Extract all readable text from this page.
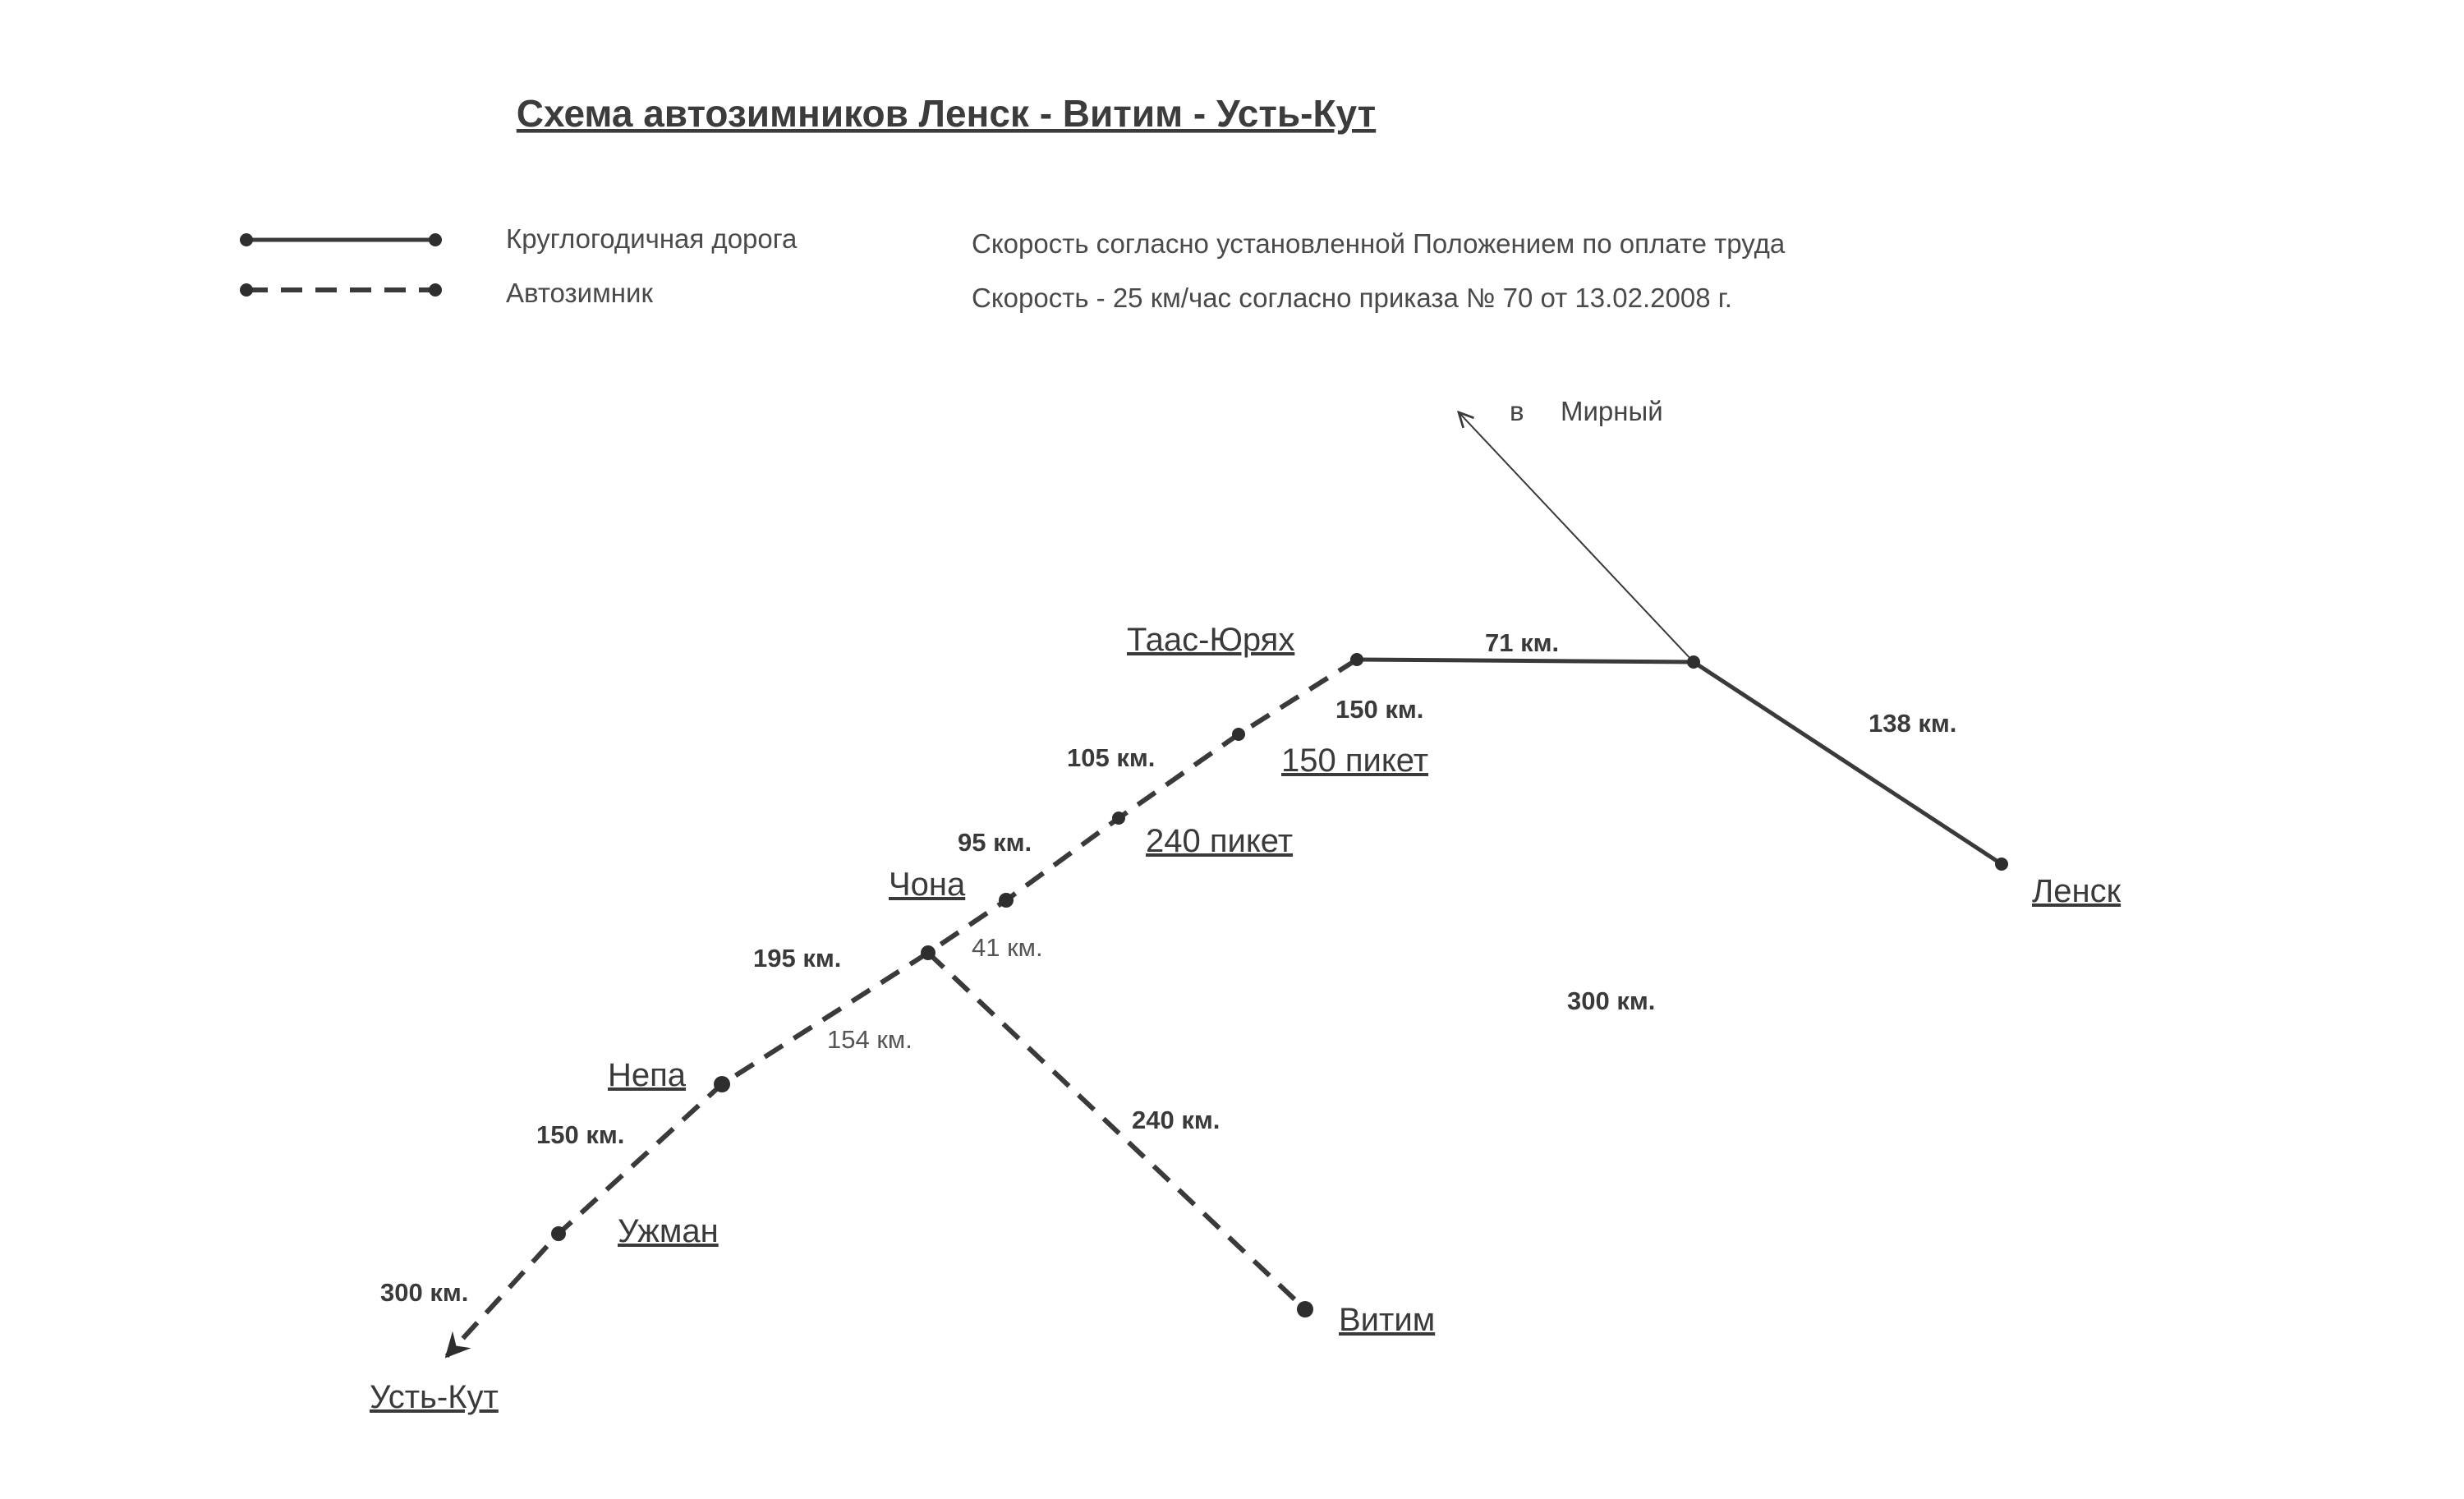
Схема автозимников Ленск - Витим - Усть-Кут
Круглогодичная дорога	Скорость согласно установленной Положением по оплате труда
Автозимник	Скорость - 25 км/час согласно приказа № 70 от 13.02.2008 г.
в Мирный
Таас-Юрях
Ленск
150 пикет
240 пикет
Чона
Непа
Ужман
Усть-Кут
Витим
71 км.
138 км.
150 км.
105 км.
95 км.
41 км.
195 км.
154 км.
150 км.
300 км.
240 км.
300 км.
